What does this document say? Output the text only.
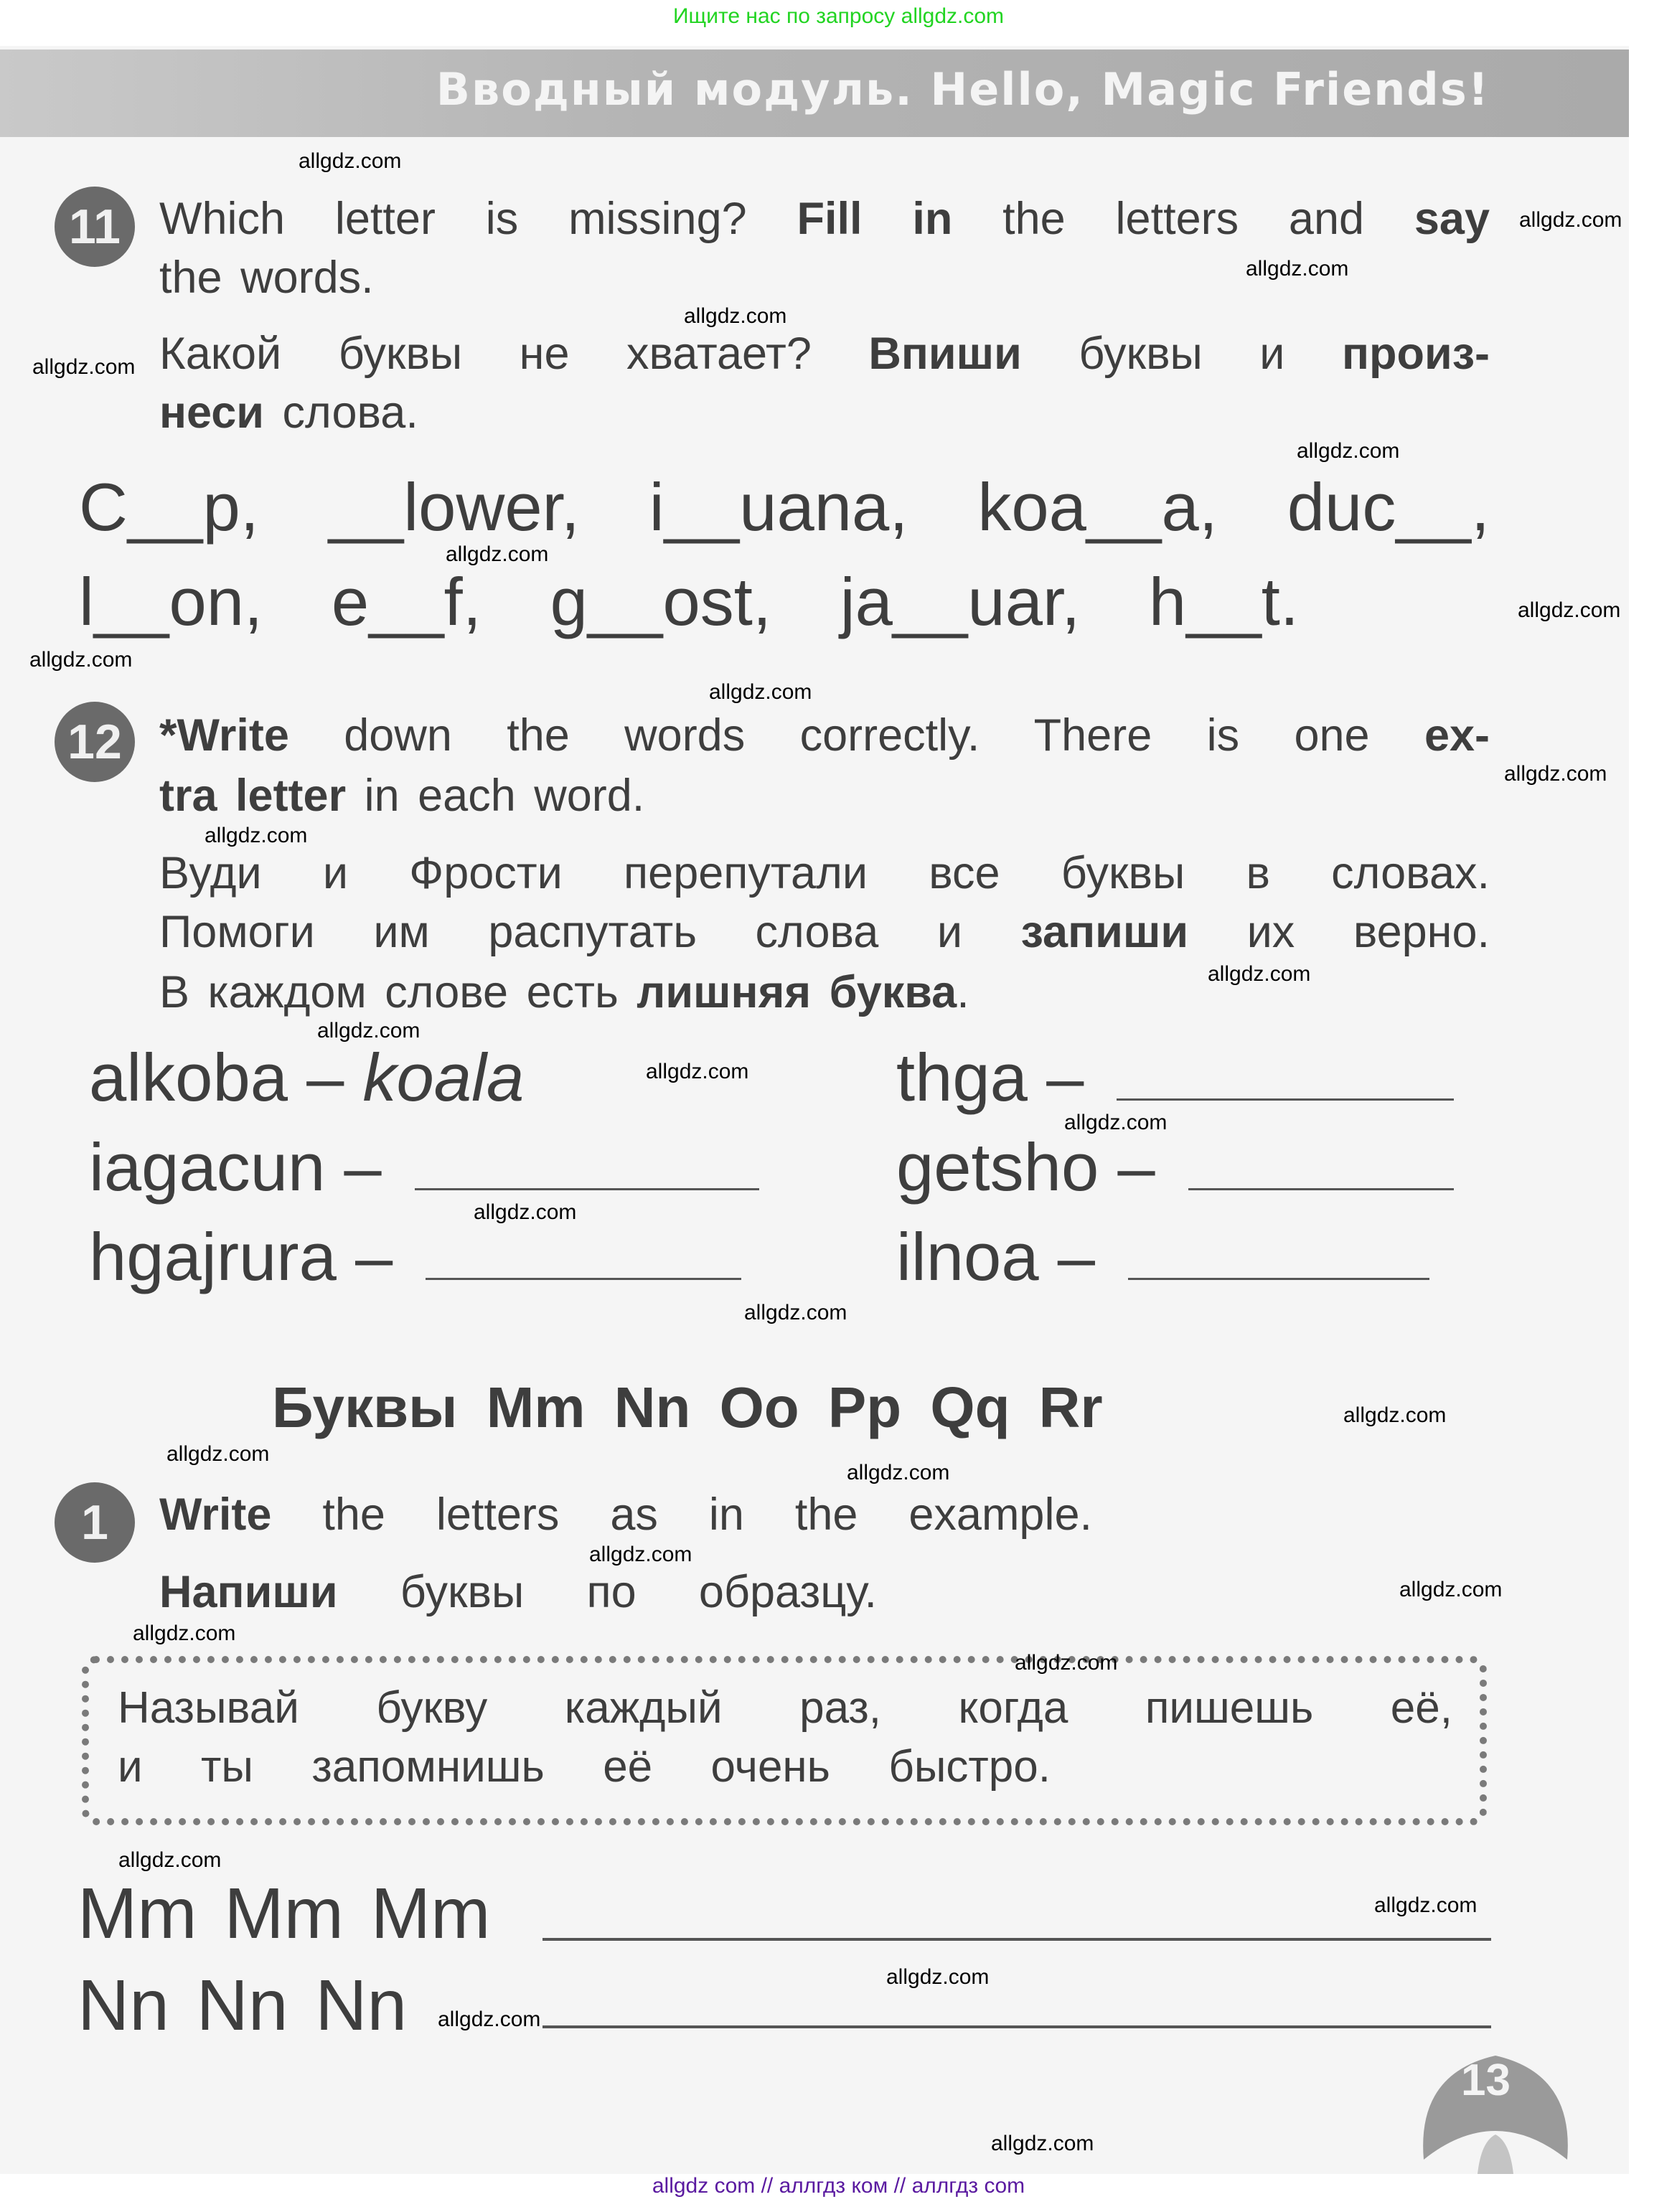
Ищите нас по запросу allgdz.com
Вводный модуль. Hello, Magic Friends!
11 Which letter is missing? Fill in the letters and say
the words.
Какой буквы не хватает? Впиши буквы и произ-
неси слова.
C__p, __lower, i__uana, koa__a, duc__,
l__on, e__f, g__ost, ja__uar, h__t.
12 *Write down the words correctly. There is one ex-
tra letter in each word.
Вуди и Фрости перепутали все буквы в словах.
Помоги им распутать слова и запиши их верно.
В каждом слове есть лишняя буква.
alkoba – koala
iagacun –
hgajrura –
thga –
getsho –
ilnoa –
Буквы Mm Nn Oo Pp Qq Rr
1	Write the letters as in the example.
Напиши буквы по образцу.
Называй букву каждый раз, когда пишешь её,
и ты запомнишь её очень быстро.
Mm Mm Mm
Nn Nn Nn
13
allgdz.com
allgdz.com
allgdz.com
allgdz.com
allgdz.com
allgdz.com
allgdz.com
allgdz.com
allgdz.com
allgdz.com
allgdz.com
allgdz.com
allgdz.com
allgdz.com
allgdz.com
allgdz.com
allgdz.com
allgdz.com
allgdz.com
allgdz.com
allgdz.com
allgdz.com
allgdz.com
allgdz.com
allgdz.com
allgdz.com
allgdz.com
allgdz.com
allgdz.com
allgdz.com
allgdz com // аллгдз ком // аллгдз com
